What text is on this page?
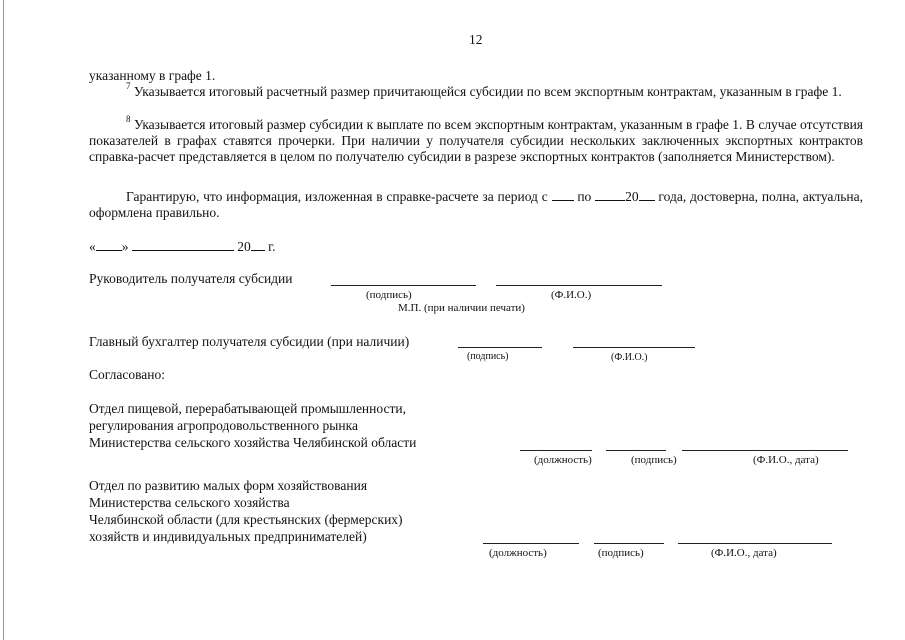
12
указанному в графе 1.
$^7$ Указывается итоговый расчетный размер причитающейся субсидии по всем экспортным контрактам, указанным в графе 1.
$^8$ Указывается итоговый размер субсидии к выплате по всем экспортным контрактам, указанным в графе 1. В случае отсутствия показателей в графах ставятся прочерки. При наличии у получателя субсидии нескольких заключенных экспортных контрактов справка-расчет представляется в целом по получателю субсидии в разрезе экспортных контрактов (заполняется Министерством).
Гарантирую, что информация, изложенная в справке-расчете за период с по	20 года, достоверна, полна, актуальна, оформлена правильно.
« »	20 г.
Руководитель получателя субсидии
(подпись)	(Ф.И.О.)
М.П. (при наличии печати)
Главный бухгалтер получателя субсидии (при наличии)
(подпись)	(Ф.И.О.)
Согласовано:
Отдел пищевой, перерабатывающей промышленности,
регулирования агропродовольственного рынка
Министерства сельского хозяйства Челябинской области
(должность)	(подпись)	(Ф.И.О., дата)
Отдел по развитию малых форм хозяйствования
Министерства сельского хозяйства
Челябинской области (для крестьянских (фермерских)
хозяйств и индивидуальных предпринимателей)
(должность)	(подпись)	(Ф.И.О., дата)
